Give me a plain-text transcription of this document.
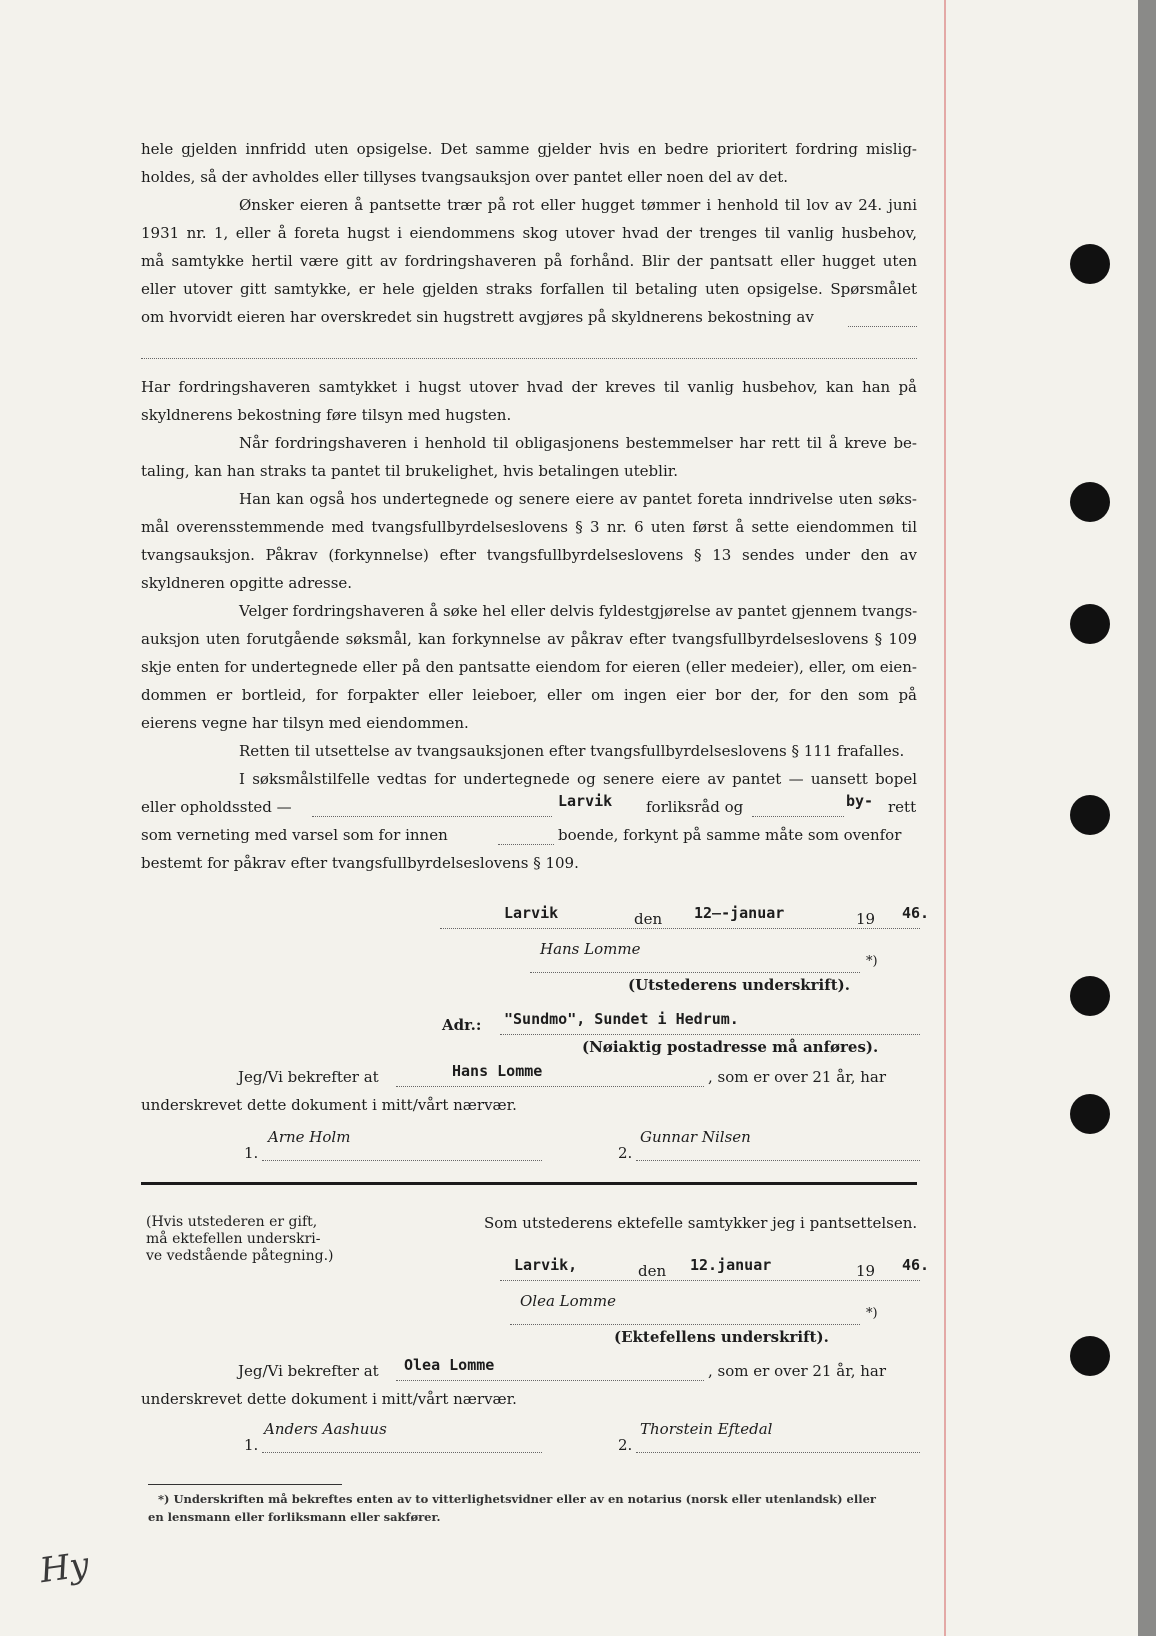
hele gjelden innfridd uten opsigelse. Det samme gjelder hvis en bedre prioritert fordring mislig-
holdes, så der avholdes eller tillyses tvangsauksjon over pantet eller noen del av det.
Ønsker eieren å pantsette trær på rot eller hugget tømmer i henhold til lov av 24. juni
1931 nr. 1, eller å foreta hugst i eiendommens skog utover hvad der trenges til vanlig husbehov,
må samtykke hertil være gitt av fordringshaveren på forhånd. Blir der pantsatt eller hugget uten
eller utover gitt samtykke, er hele gjelden straks forfallen til betaling uten opsigelse. Spørsmålet
om hvorvidt eieren har overskredet sin hugstrett avgjøres på skyldnerens bekostning av
Har fordringshaveren samtykket i hugst utover hvad der kreves til vanlig husbehov, kan han på
skyldnerens bekostning føre tilsyn med hugsten.
Når fordringshaveren i henhold til obligasjonens bestemmelser har rett til å kreve be-
taling, kan han straks ta pantet til brukelighet, hvis betalingen uteblir.
Han kan også hos undertegnede og senere eiere av pantet foreta inndrivelse uten søks-
mål overensstemmende med tvangsfullbyrdelseslovens § 3 nr. 6 uten først å sette eiendommen til
tvangsauksjon. Påkrav (forkynnelse) efter tvangsfullbyrdelseslovens § 13 sendes under den av
skyldneren opgitte adresse.
Velger fordringshaveren å søke hel eller delvis fyldestgjørelse av pantet gjennem tvangs-
auksjon uten forutgående søksmål, kan forkynnelse av påkrav efter tvangsfullbyrdelseslovens § 109
skje enten for undertegnede eller på den pantsatte eiendom for eieren (eller medeier), eller, om eien-
dommen er bortleid, for forpakter eller leieboer, eller om ingen eier bor der, for den som på
eierens vegne har tilsyn med eiendommen.
Retten til utsettelse av tvangsauksjonen efter tvangsfullbyrdelseslovens § 111 frafalles.
I søksmålstilfelle vedtas for undertegnede og senere eiere av pantet — uansett bopel
eller opholdssted —	Larvik forliksråd og	by- rett
som verneting med varsel som for innen	boende, forkynt på samme måte som ovenfor
bestemt for påkrav efter tvangsfullbyrdelseslovens § 109.
Larvik	den 12̶-januar	19 46.
Hans Lomme
*)
(Utstederens underskrift).
Adr.: "Sundmo", Sundet i Hedrum.
(Nøiaktig postadresse må anføres).
Jeg/Vi bekrefter at	Hans Lomme	, som er over 21 år, har
underskrevet dette dokument i mitt/vårt nærvær.
1.
Arne Holm
2.
Gunnar Nilsen
(Hvis utstederen er gift,
må ektefellen underskri-
ve vedstående påtegning.)
Som utstederens ektefelle samtykker jeg i pantsettelsen.
Larvik,	den 12.januar	19 46.
Olea Lomme
*)
(Ektefellens underskrift).
Jeg/Vi bekrefter at Olea Lomme	, som er over 21 år, har
underskrevet dette dokument i mitt/vårt nærvær.
1.
Anders Aashuus
2.
Thorstein Eftedal
*) Underskriften må bekreftes enten av to vitterlighetsvidner eller av en notarius (norsk eller utenlandsk) eller
en lensmann eller forliksmann eller sakfører.
Hy
